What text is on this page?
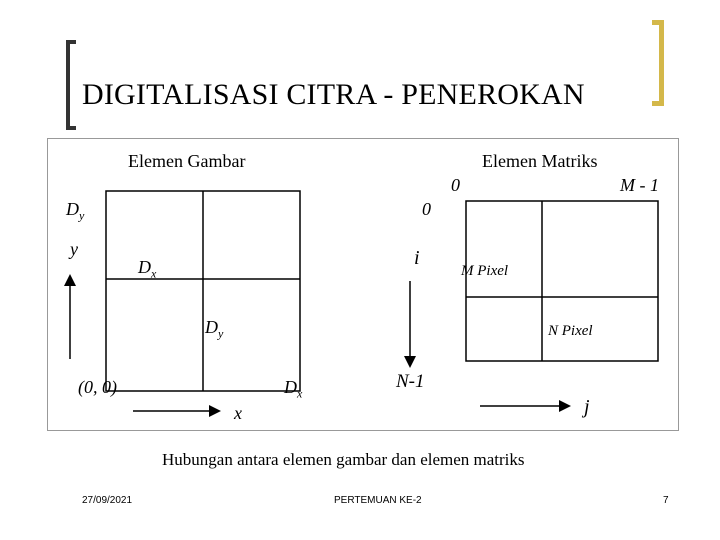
DIGITALISASI CITRA - PENEROKAN
Elemen Gambar	Elemen Matriks
$D_y$
y
$D_x$
$D_y$
(0, 0)	$D_x$
x
0	M - 1
0
i
M Pixel
N Pixel
N-1
j
Hubungan antara elemen gambar dan elemen matriks
27/09/2021	PERTEMUAN KE-2	7
